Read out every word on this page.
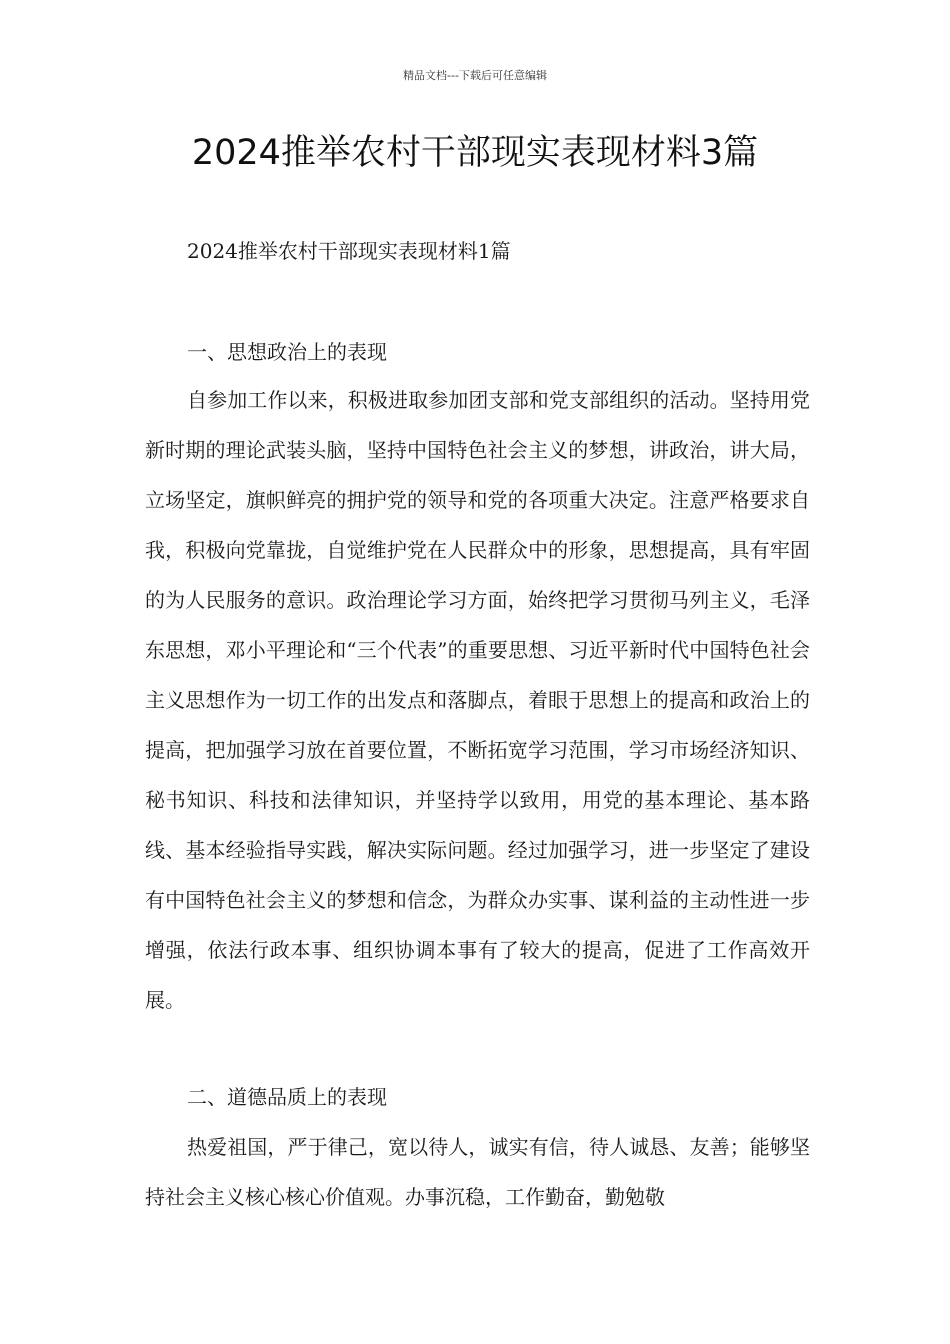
精品文档---下载后可任意编辑
2024推举农村干部现实表现材料3篇
2024推举农村干部现实表现材料1篇
一、思想政治上的表现

自参加工作以来，积极进取参加团支部和党支部组织的活动。坚持用党新时期的理论武装头脑，坚持中国特色社会主义的梦想，讲政治，讲大局，立场坚定，旗帜鲜亮的拥护党的领导和党的各项重大决定。注意严格要求自我，积极向党靠拢，自觉维护党在人民群众中的形象，思想提高，具有牢固的为人民服务的意识。政治理论学习方面，始终把学习贯彻马列主义，毛泽东思想，邓小平理论和“三个代表”的重要思想、习近平新时代中国特色社会主义思想作为一切工作的出发点和落脚点，着眼于思想上的提高和政治上的提高，把加强学习放在首要位置，不断拓宽学习范围，学习市场经济知识、秘书知识、科技和法律知识，并坚持学以致用，用党的基本理论、基本路线、基本经验指导实践，解决实际问题。经过加强学习，进一步坚定了建设有中国特色社会主义的梦想和信念，为群众办实事、谋利益的主动性进一步增强，依法行政本事、组织协调本事有了较大的提高，促进了工作高效开展。

二、道德品质上的表现

热爱祖国，严于律己，宽以待人，诚实有信，待人诚恳、友善；能够坚持社会主义核心核心价值观。办事沉稳，工作勤奋，勤勉敬
